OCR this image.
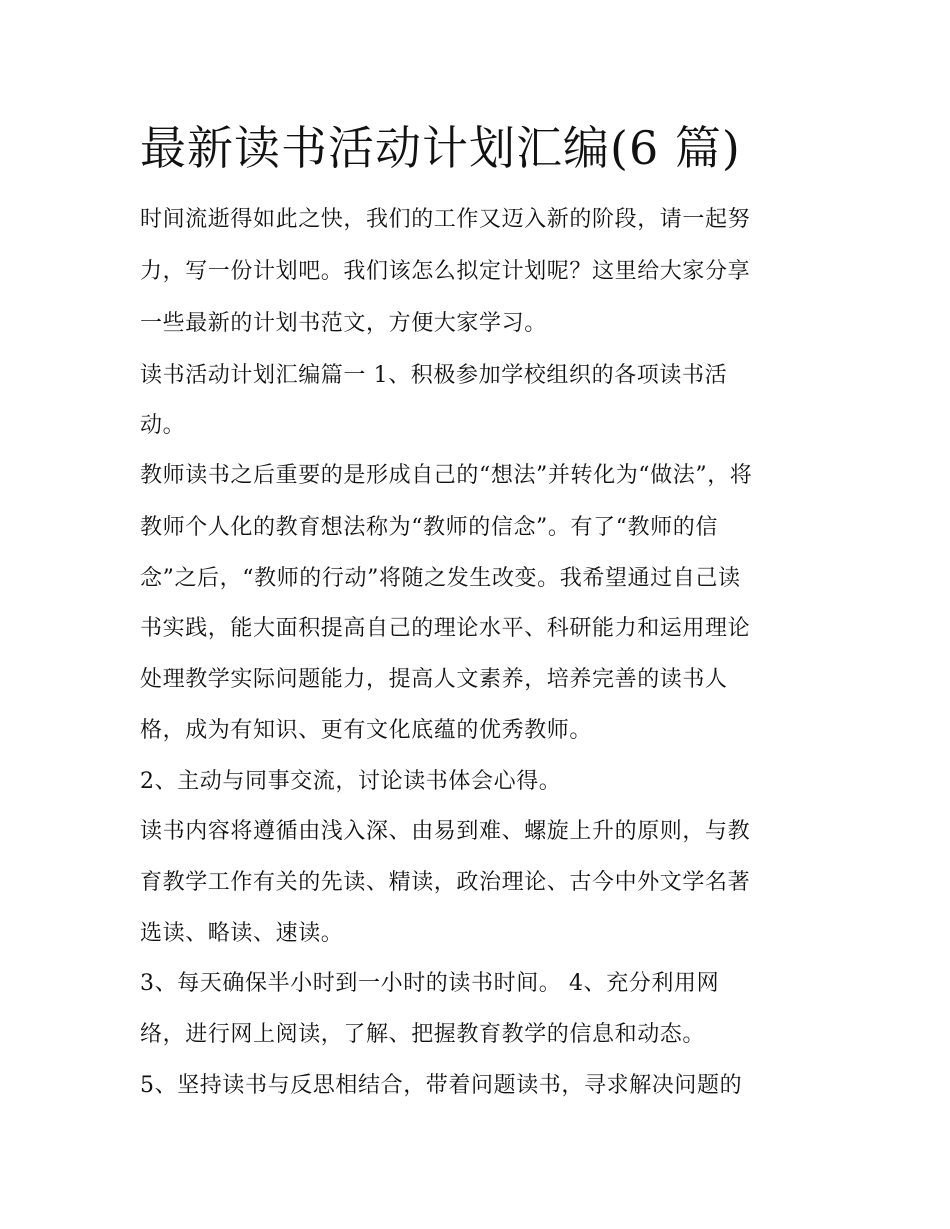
最新读书活动计划汇编(6 篇)
时间流逝得如此之快，我们的工作又迈入新的阶段，请一起努
力，写一份计划吧。我们该怎么拟定计划呢？这里给大家分享
一些最新的计划书范文，方便大家学习。
读书活动计划汇编篇一 1、积极参加学校组织的各项读书活
动。
教师读书之后重要的是形成自己的“想法”并转化为“做法”，将
教师个人化的教育想法称为“教师的信念”。有了“教师的信
念”之后，“教师的行动”将随之发生改变。我希望通过自己读
书实践，能大面积提高自己的理论水平、科研能力和运用理论
处理教学实际问题能力，提高人文素养，培养完善的读书人
格，成为有知识、更有文化底蕴的优秀教师。
2、主动与同事交流，讨论读书体会心得。
读书内容将遵循由浅入深、由易到难、螺旋上升的原则，与教
育教学工作有关的先读、精读，政治理论、古今中外文学名著
选读、略读、速读。
3、每天确保半小时到一小时的读书时间。 4、充分利用网
络，进行网上阅读，了解、把握教育教学的信息和动态。
5、坚持读书与反思相结合，带着问题读书，寻求解决问题的
